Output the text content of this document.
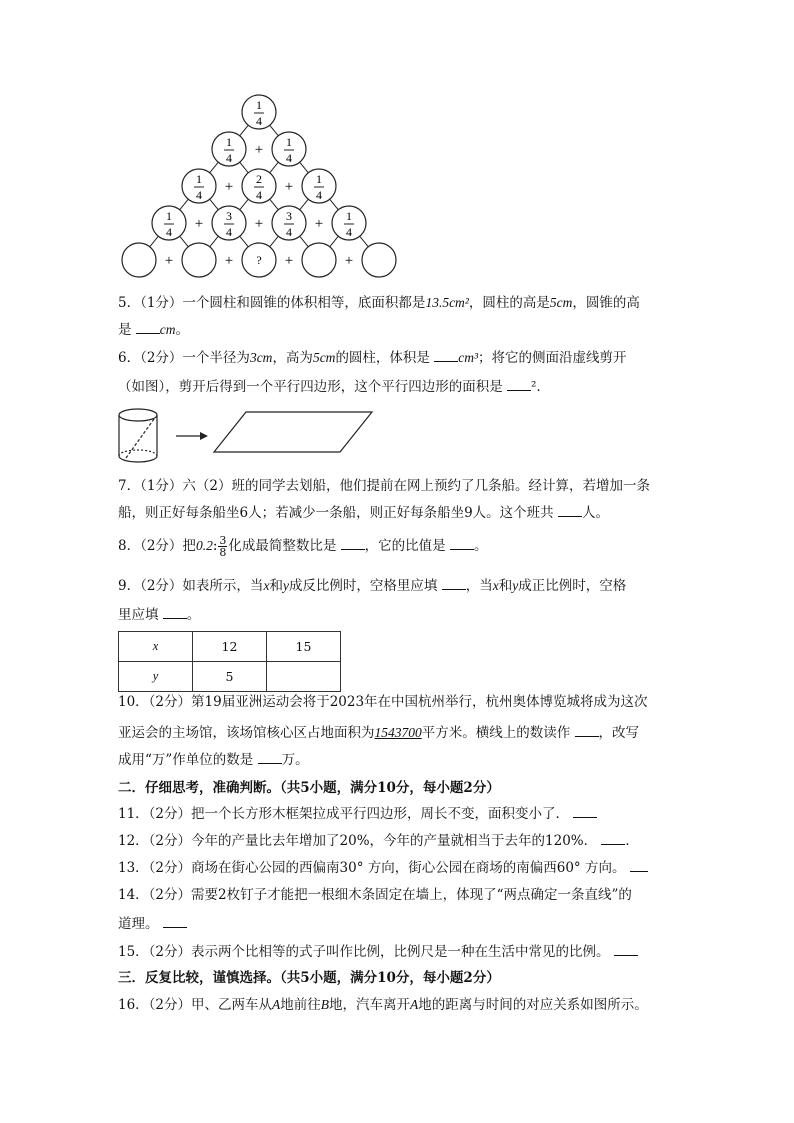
1
4
1
4 + 1
4
1
4 + 2
4 + 1
4
1
4 + 3
4 + 3
4 + 1
4
+	+ ? +	+
5．（1分）一个圆柱和圆锥的体积相等，底面积都是13.5cm²，圆柱的高是5cm，圆锥的高
是 cm。
6．（2分）一个半径为3cm，高为5cm的圆柱，体积是 cm³；将它的侧面沿虚线剪开
（如图），剪开后得到一个平行四边形，这个平行四边形的面积是 ²．
7．（1分）六（2）班的同学去划船，他们提前在网上预约了几条船。经计算，若增加一条
船，则正好每条船坐6人；若减少一条船，则正好每条船坐9人。这个班共 人。
8．（2分）把0.2: $\frac{3}{8}$ 化成最简整数比是 ，它的比值是 。
9．（2分）如表所示，当x和y成反比例时，空格里应填 ，当x和y成正比例时，空格
里应填 。
x	12	15
y	5	
10．（2分）第19届亚洲运动会将于2023年在中国杭州举行，杭州奥体博览城将成为这次
亚运会的主场馆，该场馆核心区占地面积为1543700平方米。横线上的数读作 ，改写
成用“万”作单位的数是 万。
二．仔细思考，准确判断。（共5小题，满分10分，每小题2分）
11．（2分）把一个长方形木框架拉成平行四边形，周长不变，面积变小了．
12．（2分）今年的产量比去年增加了20%，今年的产量就相当于去年的120%． ．
13．（2分）商场在街心公园的西偏南30° 方向，街心公园在商场的南偏西60° 方向。
14．（2分）需要2枚钉子才能把一根细木条固定在墙上，体现了“两点确定一条直线”的
道理。
15．（2分）表示两个比相等的式子叫作比例，比例尺是一种在生活中常见的比例。
三．反复比较，谨慎选择。（共5小题，满分10分，每小题2分）
16．（2分）甲、乙两车从A地前往B地，汽车离开A地的距离与时间的对应关系如图所示。
